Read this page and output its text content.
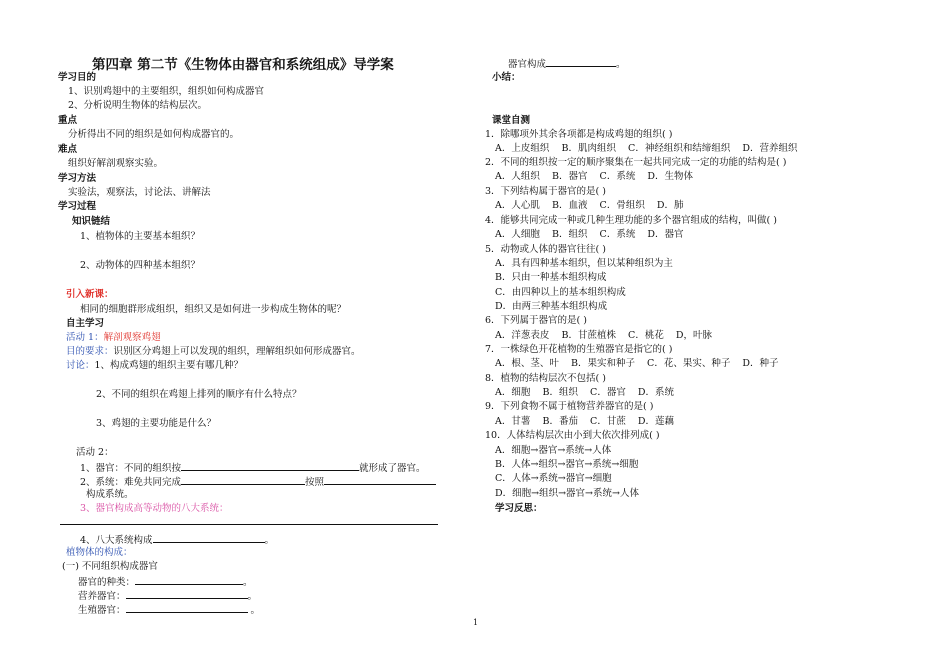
第四章 第二节《生物体由器官和系统组成》导学案
学习目的
1、识别鸡翅中的主要组织，组织如何构成器官
2、分析说明生物体的结构层次。
重点
分析得出不同的组织是如何构成器官的。
难点
组织好解剖观察实验。
学习方法
实验法，观察法，讨论法、讲解法
学习过程
知识链结
1、植物体的主要基本组织？
2、动物体的四种基本组织？
引入新课：
相同的细胞群形成组织，组织又是如何进一步构成生物体的呢？
自主学习
活动 1：解剖观察鸡翅
目的要求：识别区分鸡翅上可以发现的组织，理解组织如何形成器官。
讨论：1、构成鸡翅的组织主要有哪几种？
2、不同的组织在鸡翅上排列的顺序有什么特点？
3、鸡翅的主要功能是什么？
活动 2：
1、器官：不同的组织按	就形成了器官。
2、系统：难免共同完成	按照
构成系统。
3、器官构成高等动物的八大系统：
4、八大系统构成	。
植物体的构成：
(一) 不同组织构成器官
器官的种类：	。
营养器官：	。
生殖器官：	。
1
器官构成	。
小结：
课堂自测
1．除哪项外其余各项都是构成鸡翅的组织( )
A．上皮组织 B．肌肉组织 C．神经组织和结缔组织 D．营养组织
2．不同的组织按一定的顺序聚集在一起共同完成一定的功能的结构是( )
A．人组织 B．器官 C．系统 D．生物体
3．下列结构属于器官的是( )
A．人心肌 B．血液 C．骨组织 D．肺
4．能够共同完成一种或几种生理功能的多个器官组成的结构，叫做( )
A．人细胞 B．组织 C．系统 D．器官
5．动物或人体的器官往往( )
A．具有四种基本组织，但以某种组织为主
B．只由一种基本组织构成
C．由四种以上的基本组织构成
D．由两三种基本组织构成
6．下列属于器官的是( )
A．洋葱表皮 B．甘蔗植株 C．桃花 D，叶脉
7．一株绿色开花植物的生殖器官是指它的( )
A．根、茎、叶 B．果实和种子 C．花、果实、种子 D．种子
8．植物的结构层次不包括( )
A．细胞 B．组织 C．器官 D．系统
9．下列食物不属于植物营养器官的是( )
A．甘薯 B．番茄 C．甘蔗 D．莲藕
10．人体结构层次由小到大依次排列成( )
A．细胞→器官→系统→人体
B．人体→组织→器官→系统→细胞
C．人体→系统→器官→细胞
D．细胞→组织→器官→系统→人体
学习反思：
